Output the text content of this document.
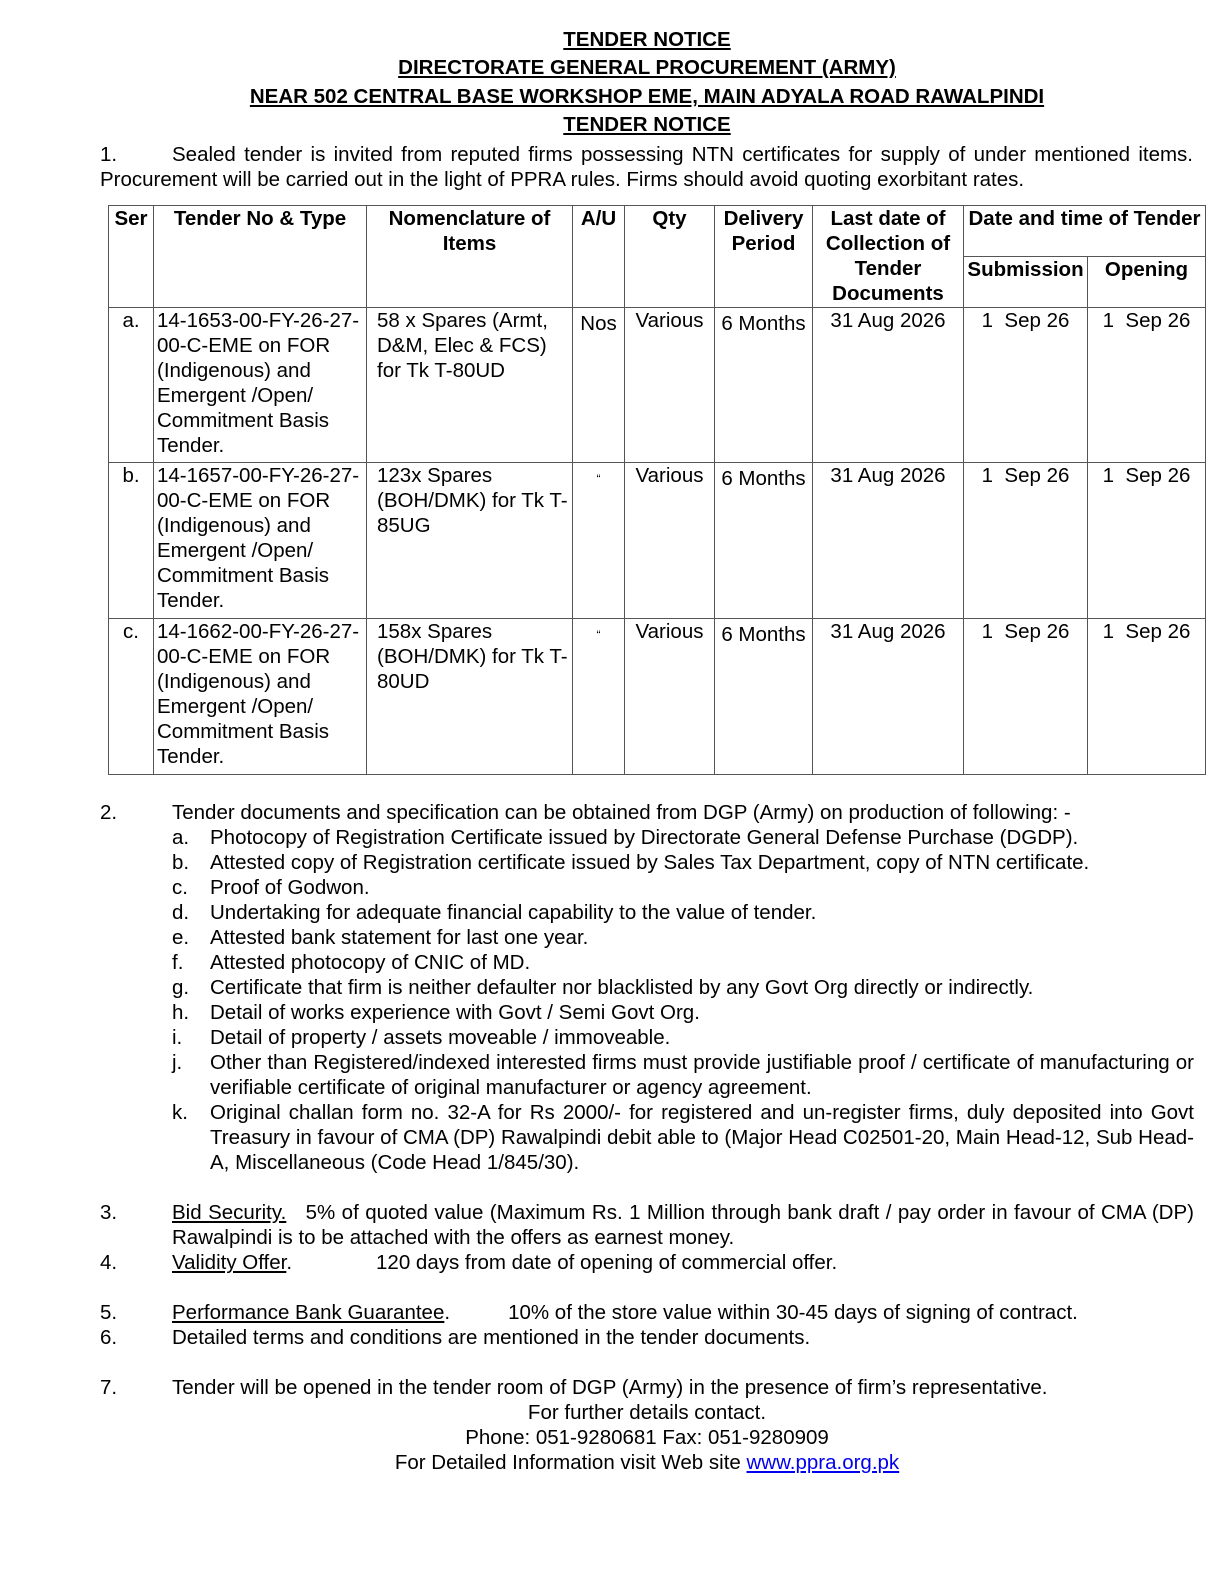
TENDER NOTICE
DIRECTORATE GENERAL PROCUREMENT (ARMY)
NEAR 502 CENTRAL BASE WORKSHOP EME, MAIN ADYALA ROAD RAWALPINDI
TENDER NOTICE
1.	Sealed tender is invited from reputed firms possessing NTN certificates for supply of under mentioned items. Procurement will be carried out in the light of PPRA rules. Firms should avoid quoting exorbitant rates.
Ser	Tender No & Type	Nomenclature of Items	A/U	Qty	Delivery Period	Last date of Collection of Tender Documents	Date and time of Tender	
							Submission	Opening
a.	14-1653-00-FY-26-27-00-C-EME on FOR (Indigenous) and Emergent /Open/ Commitment Basis Tender.	58 x Spares (Armt, D&M, Elec & FCS) for Tk T-80UD	Nos	Various	6 Months	31 Aug 2026	1  Sep 26	1  Sep 26
b.	14-1657-00-FY-26-27-00-C-EME on FOR (Indigenous) and Emergent /Open/ Commitment Basis Tender.	123x Spares (BOH/DMK) for Tk T-85UG	“	Various	6 Months	31 Aug 2026	1  Sep 26	1  Sep 26
c.	14-1662-00-FY-26-27-00-C-EME on FOR (Indigenous) and Emergent /Open/ Commitment Basis Tender.	158x Spares (BOH/DMK) for Tk T-80UD	“	Various	6 Months	31 Aug 2026	1  Sep 26	1  Sep 26
2.	Tender documents and specification can be obtained from DGP (Army) on production of following: -
a. Photocopy of Registration Certificate issued by Directorate General Defense Purchase (DGDP).
b. Attested copy of Registration certificate issued by Sales Tax Department, copy of NTN certificate.
c. Proof of Godwon.
d. Undertaking for adequate financial capability to the value of tender.
e. Attested bank statement for last one year.
f. Attested photocopy of CNIC of MD.
g. Certificate that firm is neither defaulter nor blacklisted by any Govt Org directly or indirectly.
h. Detail of works experience with Govt / Semi Govt Org.
i. Detail of property / assets moveable / immoveable.
j. Other than Registered/indexed interested firms must provide justifiable proof / certificate of manufacturing or verifiable certificate of original manufacturer or agency agreement.
k. Original challan form no. 32-A for Rs 2000/- for registered and un-register firms, duly deposited into Govt Treasury in favour of CMA (DP) Rawalpindi debit able to (Major Head C02501-20, Main Head-12, Sub Head-A, Miscellaneous (Code Head 1/845/30).
3.	Bid Security. 5% of quoted value (Maximum Rs. 1 Million through bank draft / pay order in favour of CMA (DP) Rawalpindi is to be attached with the offers as earnest money.
4.	Validity Offer.	120 days from date of opening of commercial offer.
5.	Performance Bank Guarantee.	10% of the store value within 30-45 days of signing of contract.
6.	Detailed terms and conditions are mentioned in the tender documents.
7.	Tender will be opened in the tender room of DGP (Army) in the presence of firm’s representative.
For further details contact.
Phone: 051-9280681 Fax: 051-9280909
For Detailed Information visit Web site www.ppra.org.pk
